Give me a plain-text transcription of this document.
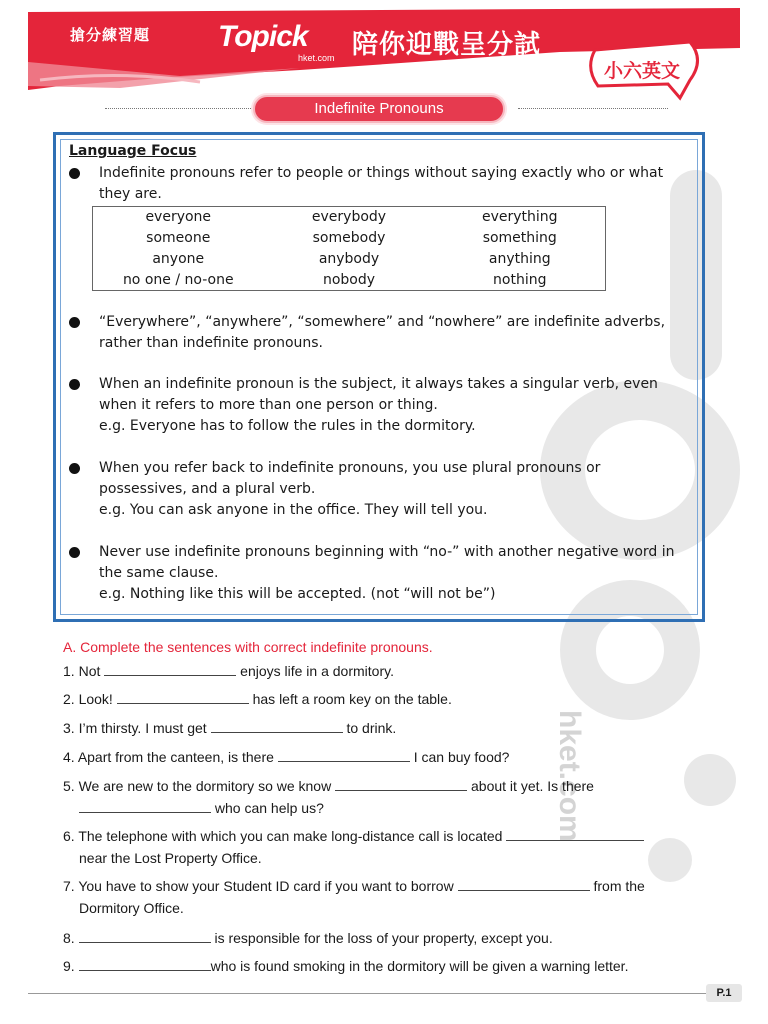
搶分練習題	Topick
hket.com 陪你迎戰呈分試
小六英文
Indefinite Pronouns
hket.com
Language Focus
Indefinite pronouns refer to people or things without saying exactly who or what they are.
everyone	everybody	everything
someone	somebody	something
anyone	anybody	anything
no one / no-one	nobody	nothing
“Everywhere”, “anywhere”, “somewhere” and “nowhere” are indefinite adverbs, rather than indefinite pronouns.
When an indefinite pronoun is the subject, it always takes a singular verb, even when it refers to more than one person or thing.
e.g. Everyone has to follow the rules in the dormitory.
When you refer back to indefinite pronouns, you use plural pronouns or possessives, and a plural verb.
e.g. You can ask anyone in the office. They will tell you.
Never use indefinite pronouns beginning with “no-” with another negative word in the same clause.
e.g. Nothing like this will be accepted. (not “will not be”)
A. Complete the sentences with correct indefinite pronouns.
1. Not	enjoys life in a dormitory.
2. Look!	has left a room key on the table.
3. I’m thirsty. I must get	to drink.
4. Apart from the canteen, is there	I can buy food?
5. We are new to the dormitory so we know	about it yet. Is there
who can help us?
6. The telephone with which you can make long-distance call is located
near the Lost Property Office.
7. You have to show your Student ID card if you want to borrow	from the
Dormitory Office.
8.	is responsible for the loss of your property, except you.
9.	who is found smoking in the dormitory will be given a warning letter.
P.1
